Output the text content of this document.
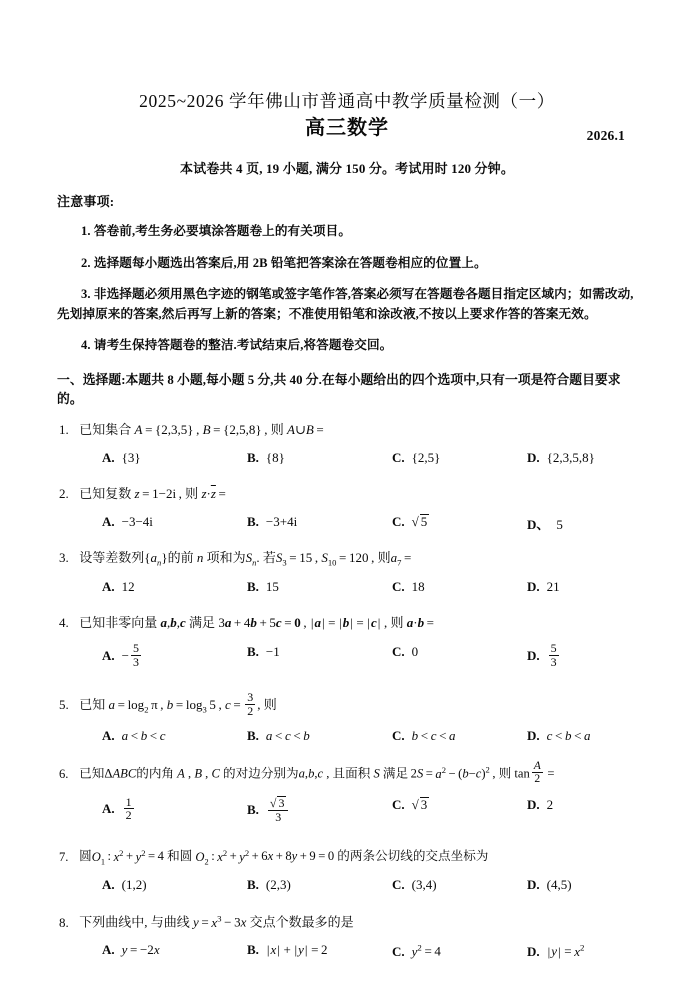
2025~2026 学年佛山市普通高中教学质量检测（一）
高三数学	2026.1
本试卷共 4 页, 19 小题, 满分 150 分。考试用时 120 分钟。
注意事项:
1. 答卷前,考生务必要填涂答题卷上的有关项目。
2. 选择题每小题选出答案后,用 2B 铅笔把答案涂在答题卷相应的位置上。
3. 非选择题必须用黑色字迹的钢笔或签字笔作答,答案必须写在答题卷各题目指定区域内；如需改动,先划掉原来的答案,然后再写上新的答案；不准使用铅笔和涂改液,不按以上要求作答的答案无效。
4. 请考生保持答题卷的整洁.考试结束后,将答题卷交回。
一、选择题:本题共 8 小题,每小题 5 分,共 40 分.在每小题给出的四个选项中,只有一项是符合题目要求的。
1. 已知集合 A = {2,3,5} , B = {2,5,8} , 则 A∪B =
A. {3}	B. {8}	C. {2,5}	D. {2,3,5,8}
2. 已知复数 z = 1−2i , 则 $z\cdot\overline{z}$ =
A. −3−4i	B. −3+4i	C. √ 5	D、 5
3. 设等差数列$\{a_n\}$的前 n 项和为$S_n$. 若$S_3 = 15$ , $S_{10} = 120$ , 则$a_7$ =
A. 12	B. 15	C. 18	D. 21
4. 已知非零向量 a,b,c 满足 3a + 4b + 5c = 0 , |a| = |b| = |c| , 则 a·b =
A. − $\frac{5}{3}$	B. −1	C. 0	D. $\frac{5}{3}$
5. 已知 $a = \log_2 \pi$ , $b = \log_3 5$ , $c = \frac{3}{2}$ , 则
A. a < b < c	B. a < c < b	C. b < c < a	D. c < b < a
6. 已知ΔABC的内角 A , B , C 的对边分别为a,b,c , 且面积 S 满足 $2S = a^2 - (b-c)^2$ , 则 $\tan \frac{A}{2}$  =
A. $\frac{1}{2}$	B. $\frac{√ 3}{3}$	C. √ 3	D. 2
7. 圆$O_1$ : $x^2 + y^2 = 4$ 和圆 $O_2$ : $x^2 + y^2 + 6x + 8y + 9 = 0$ 的两条公切线的交点坐标为
A. (1,2)	B. (2,3)	C. (3,4)	D. (4,5)
8. 下列曲线中, 与曲线 $y = x^3 - 3x$ 交点个数最多的是
A. y = −2x	B. |x| + |y| = 2	C. $y^2 = 4$	D. $|y| = x^2$
